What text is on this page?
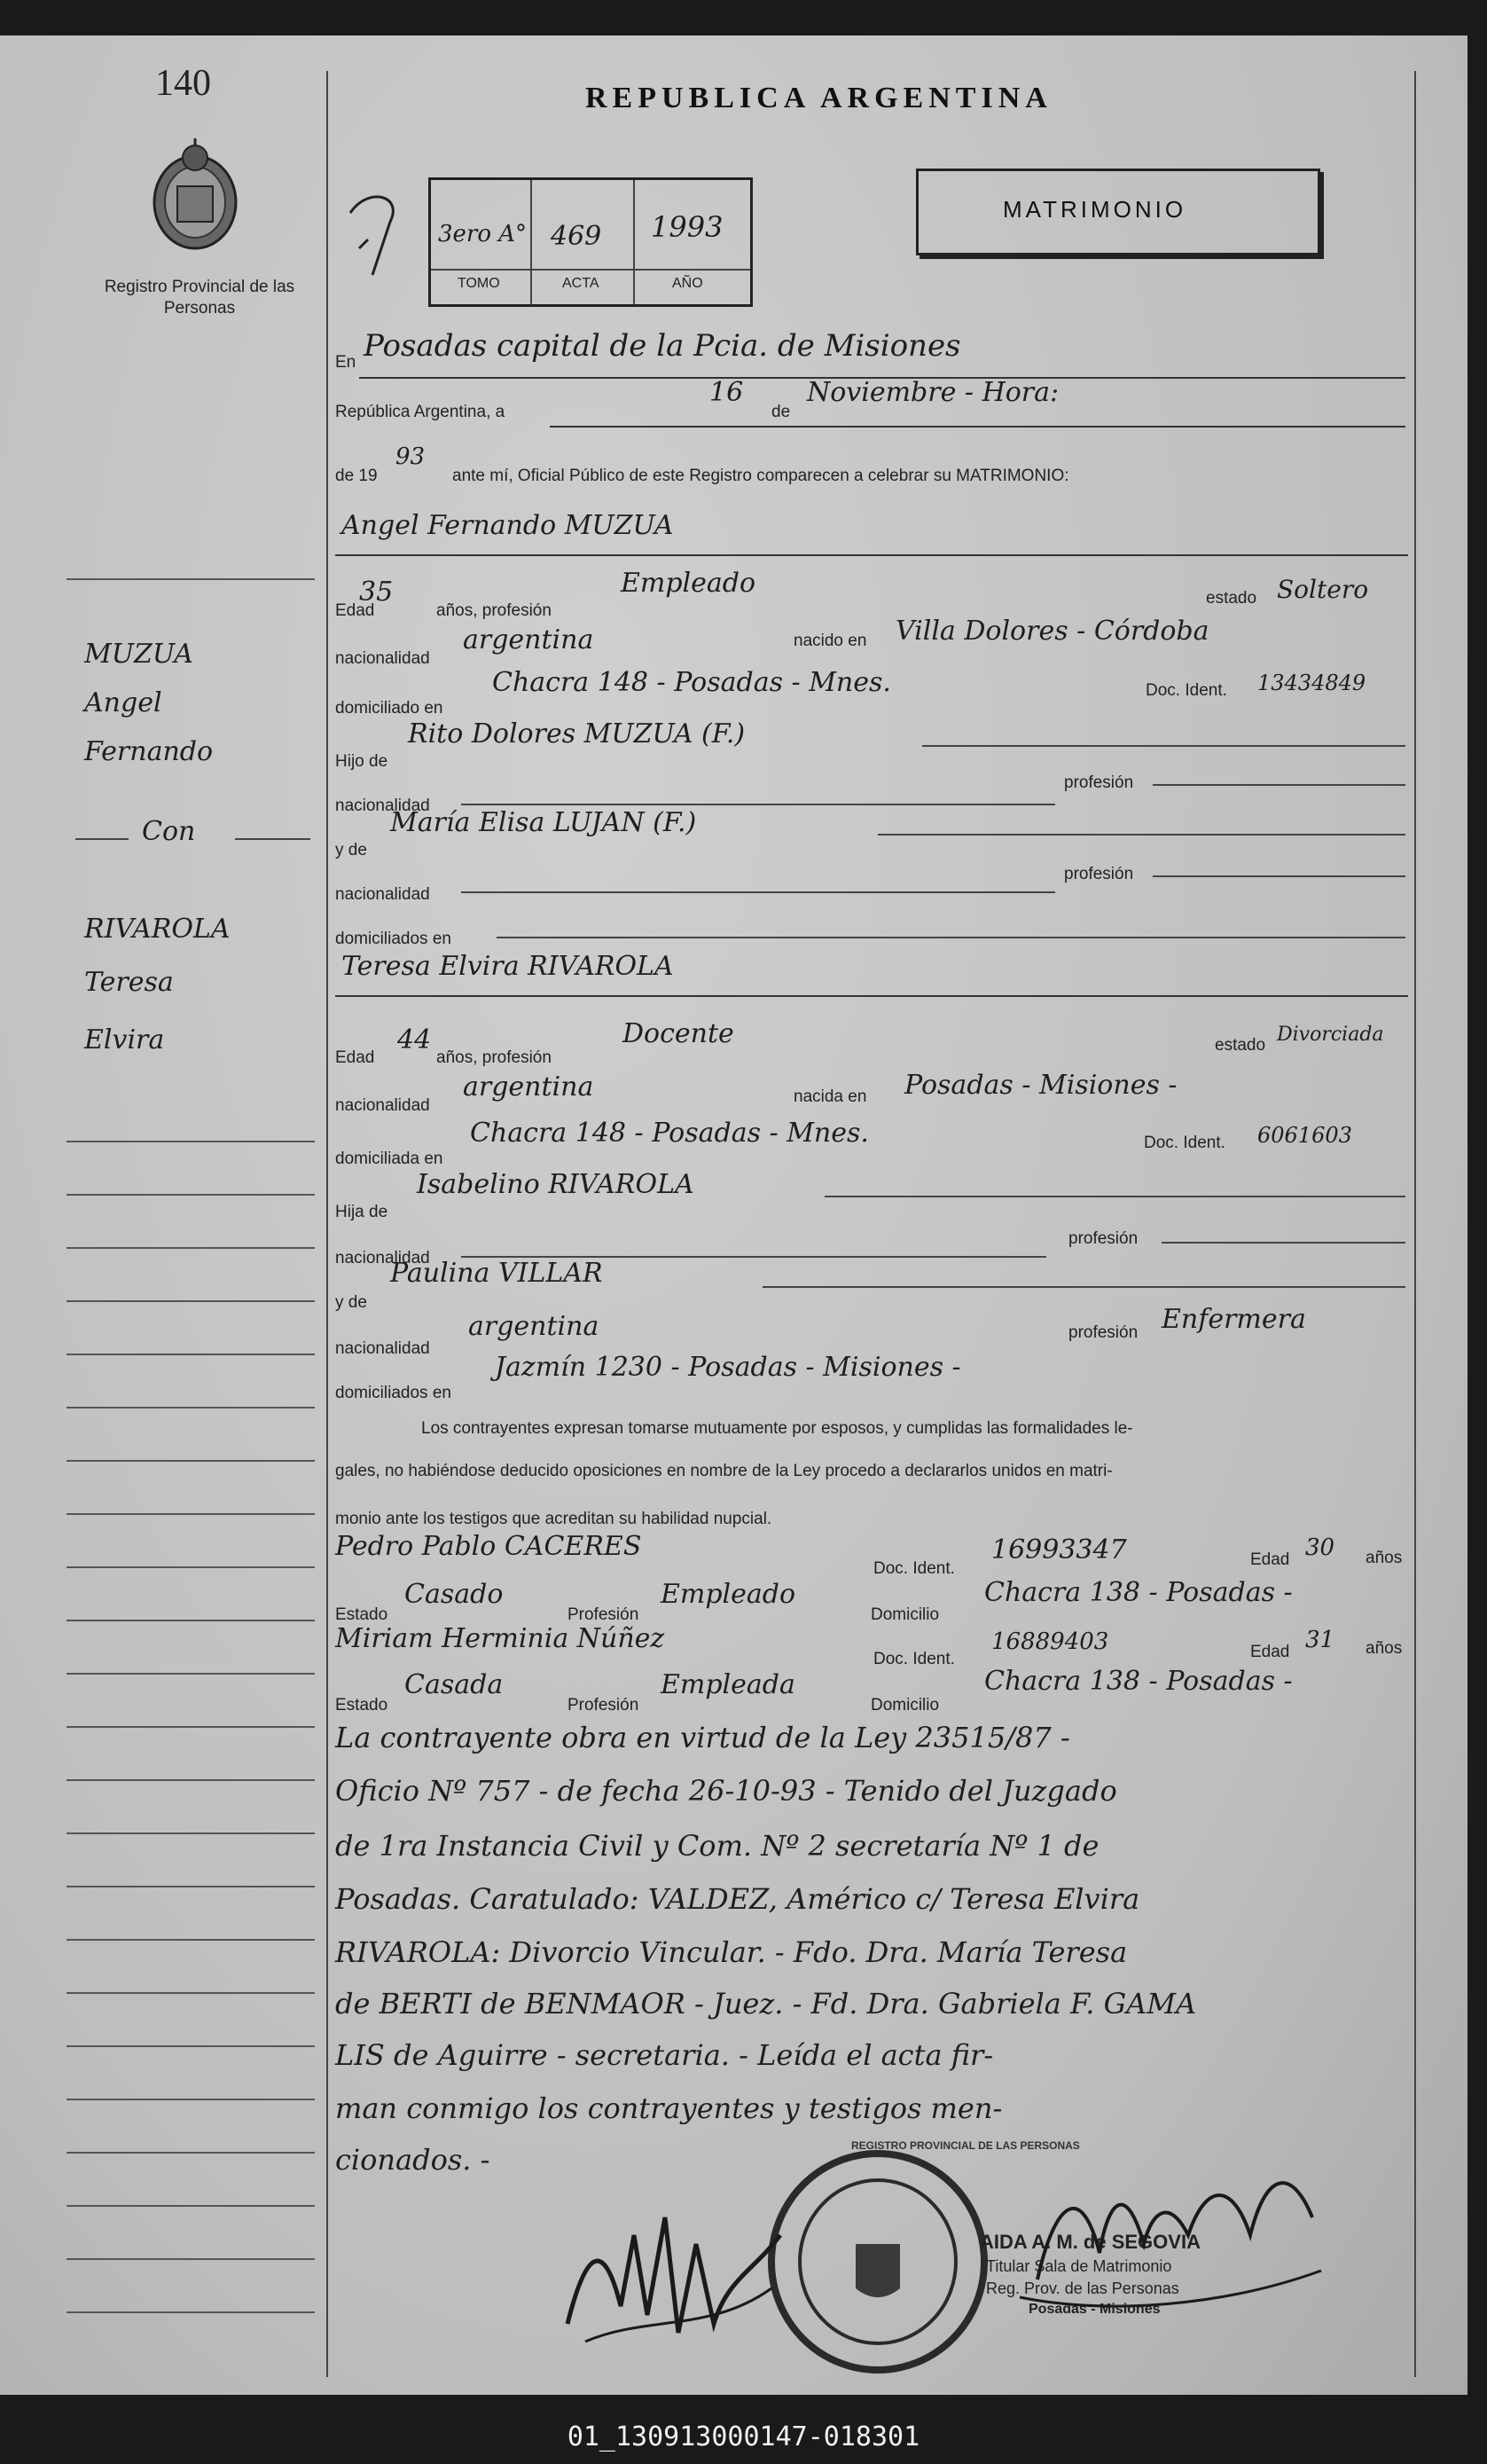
140
Registro Provincial de las Personas
REPUBLICA ARGENTINA
3ero A° 469 1993
TOMO	ACTA	AÑO
MATRIMONIO
En Posadas capital de la Pcia. de Misiones
República Argentina, a
16
de
Noviembre - Hora:
de 19
93
ante mí, Oficial Público de este Registro comparecen a celebrar su MATRIMONIO:
MUZUA
Angel
Fernando
Con
RIVAROLA
Teresa
Elvira
Angel Fernando MUZUA
Edad
35
años, profesión
Empleado	estado Soltero
nacionalidad
argentina	nacido en Villa Dolores - Córdoba
domiciliado en
Chacra 148 - Posadas - Mnes.	Doc. Ident. 13434849
Hijo de
Rito Dolores MUZUA (F.)
nacionalidad
profesión
y de
María Elisa LUJAN (F.)
nacionalidad
profesión
domiciliados en
Teresa Elvira RIVAROLA
Edad
44
años, profesión
Docente	estado Divorciada
nacionalidad
argentina	nacida en Posadas - Misiones -
domiciliada en
Chacra 148 - Posadas - Mnes.	Doc. Ident. 6061603
Hija de
Isabelino RIVAROLA
nacionalidad
profesión
y de
Paulina VILLAR
nacionalidad
argentina	profesión Enfermera
domiciliados en
Jazmín 1230 - Posadas - Misiones -
Los contrayentes expresan tomarse mutuamente por esposos, y cumplidas las formalidades le-
gales, no habiéndose deducido oposiciones en nombre de la Ley procedo a declararlos unidos en matri-
monio ante los testigos que acreditan su habilidad nupcial.
Pedro Pablo CACERES
Doc. Ident.
16993347	Edad 30 años
Estado
Casado
Profesión
Empleado
Domicilio
Chacra 138 - Posadas -
Miriam Herminia Núñez
Doc. Ident.
16889403	Edad 31 años
Estado
Casada
Profesión
Empleada
Domicilio
Chacra 138 - Posadas -
La contrayente obra en virtud de la Ley 23515/87 -
Oficio Nº 757 - de fecha 26-10-93 - Tenido del Juzgado
de 1ra Instancia Civil y Com. Nº 2 secretaría Nº 1 de
Posadas. Caratulado: VALDEZ, Américo c/ Teresa Elvira
RIVAROLA: Divorcio Vincular. - Fdo. Dra. María Teresa
de BERTI de BENMAOR - Juez. - Fd. Dra. Gabriela F. GAMA
LIS de Aguirre - secretaria. - Leída el acta fir-
man conmigo los contrayentes y testigos men-
cionados. -	REGISTRO PROVINCIAL DE LAS PERSONAS
AIDA A. M. de SEGOVIA
Titular Sala de Matrimonio
Reg. Prov. de las Personas
Posadas - Misiones
01_130913000147-018301
